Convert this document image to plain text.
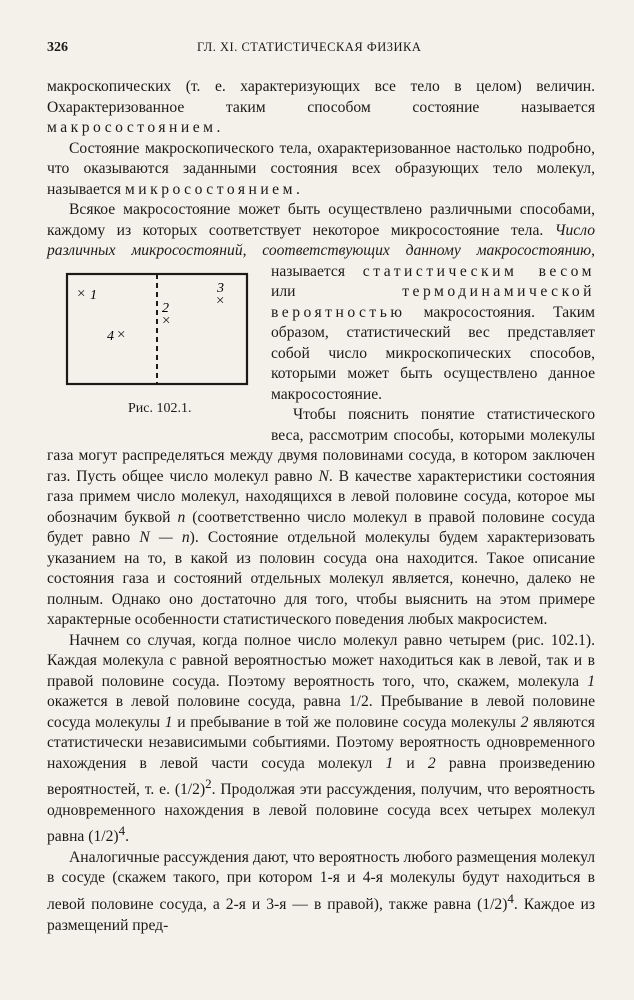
326	ГЛ. XI. СТАТИСТИЧЕСКАЯ ФИЗИКА

макроскопических (т. е. характеризующих все тело в целом) величин. Охарактеризованное таким способом состояние называется макросостоянием.

Состояние макроскопического тела, охарактеризованное настолько подробно, что оказываются заданными состояния всех образующих тело молекул, называется микросостоянием.

Всякое макросостояние может быть осуществлено различными способами, каждому из которых соответствует некоторое микросостояние тела. Число различных микросостояний, соответствующих данному макросостоянию, называется статистическим весом
× 1
2
×
3
×
4 ×
Рис. 102.1.
или термодинамической вероятностью макросостояния. Таким образом, статистический вес представляет собой число микроскопических способов, которыми может быть осуществлено данное макросостояние.

Чтобы пояснить понятие статистического веса, рассмотрим способы, которыми молекулы газа могут распределяться между двумя половинами сосуда, в котором заключен газ. Пусть общее число молекул равно N. В качестве характеристики состояния газа примем число молекул, находящихся в левой половине сосуда, которое мы обозначим буквой n (соответственно число молекул в правой половине сосуда будет равно N — n). Состояние отдельной молекулы будем характеризовать указанием на то, в какой из половин сосуда она находится. Такое описание состояния газа и состояний отдельных молекул является, конечно, далеко не полным. Однако оно достаточно для того, чтобы выяснить на этом примере характерные особенности статистического поведения любых макросистем.

Начнем со случая, когда полное число молекул равно четырем (рис. 102.1). Каждая молекула с равной вероятностью может находиться как в левой, так и в правой половине сосуда. Поэтому вероятность того, что, скажем, молекула 1 окажется в левой половине сосуда, равна 1/2. Пребывание в левой половине сосуда молекулы 1 и пребывание в той же половине сосуда молекулы 2 являются статистически независимыми событиями. Поэтому вероятность одновременного нахождения в левой части сосуда молекул 1 и 2 равна произведению вероятностей, т. е. $(1/2)^2$. Продолжая эти рассуждения, получим, что вероятность одновременного нахождения в левой половине сосуда всех четырех молекул равна $(1/2)^4$.

Аналогичные рассуждения дают, что вероятность любого размещения молекул в сосуде (скажем такого, при котором 1-я и 4-я молекулы будут находиться в левой половине сосуда, а 2-я и 3-я — в правой), также равна $(1/2)^4$. Каждое из размещений пред-
